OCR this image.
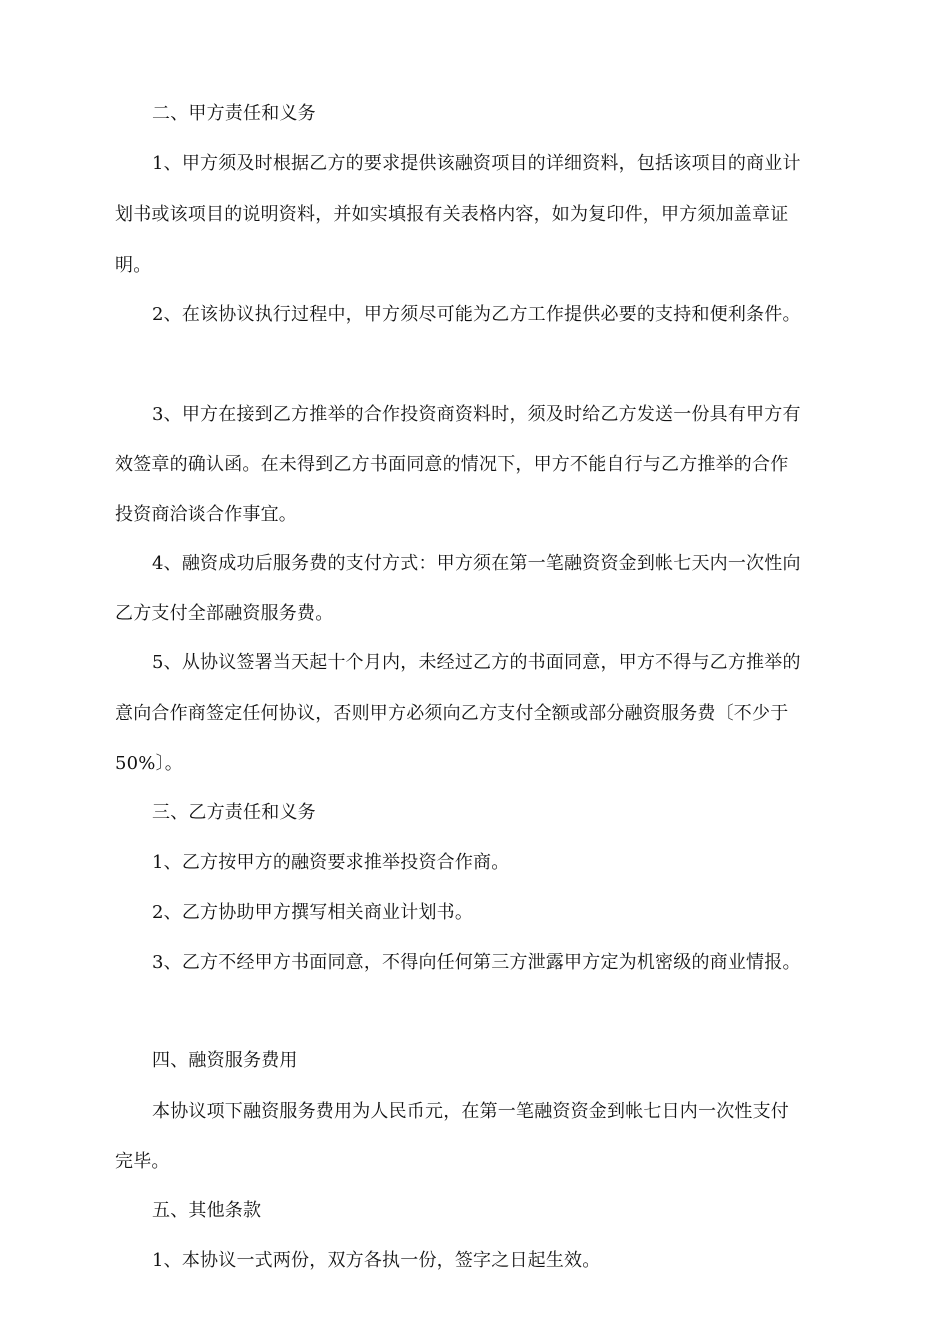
二、甲方责任和义务
1、甲方须及时根据乙方的要求提供该融资项目的详细资料，包括该项目的商业计
划书或该项目的说明资料，并如实填报有关表格内容，如为复印件，甲方须加盖章证
明。
2、在该协议执行过程中，甲方须尽可能为乙方工作提供必要的支持和便利条件。
3、甲方在接到乙方推举的合作投资商资料时，须及时给乙方发送一份具有甲方有
效签章的确认函。在未得到乙方书面同意的情况下，甲方不能自行与乙方推举的合作
投资商洽谈合作事宜。
4、融资成功后服务费的支付方式：甲方须在第一笔融资资金到帐七天内一次性向
乙方支付全部融资服务费。
5、从协议签署当天起十个月内，未经过乙方的书面同意，甲方不得与乙方推举的
意向合作商签定任何协议，否则甲方必须向乙方支付全额或部分融资服务费〔不少于
50%〕。
三、乙方责任和义务
1、乙方按甲方的融资要求推举投资合作商。
2、乙方协助甲方撰写相关商业计划书。
3、乙方不经甲方书面同意，不得向任何第三方泄露甲方定为机密级的商业情报。
四、融资服务费用
本协议项下融资服务费用为人民币元，在第一笔融资资金到帐七日内一次性支付
完毕。
五、其他条款
1、本协议一式两份，双方各执一份，签字之日起生效。
